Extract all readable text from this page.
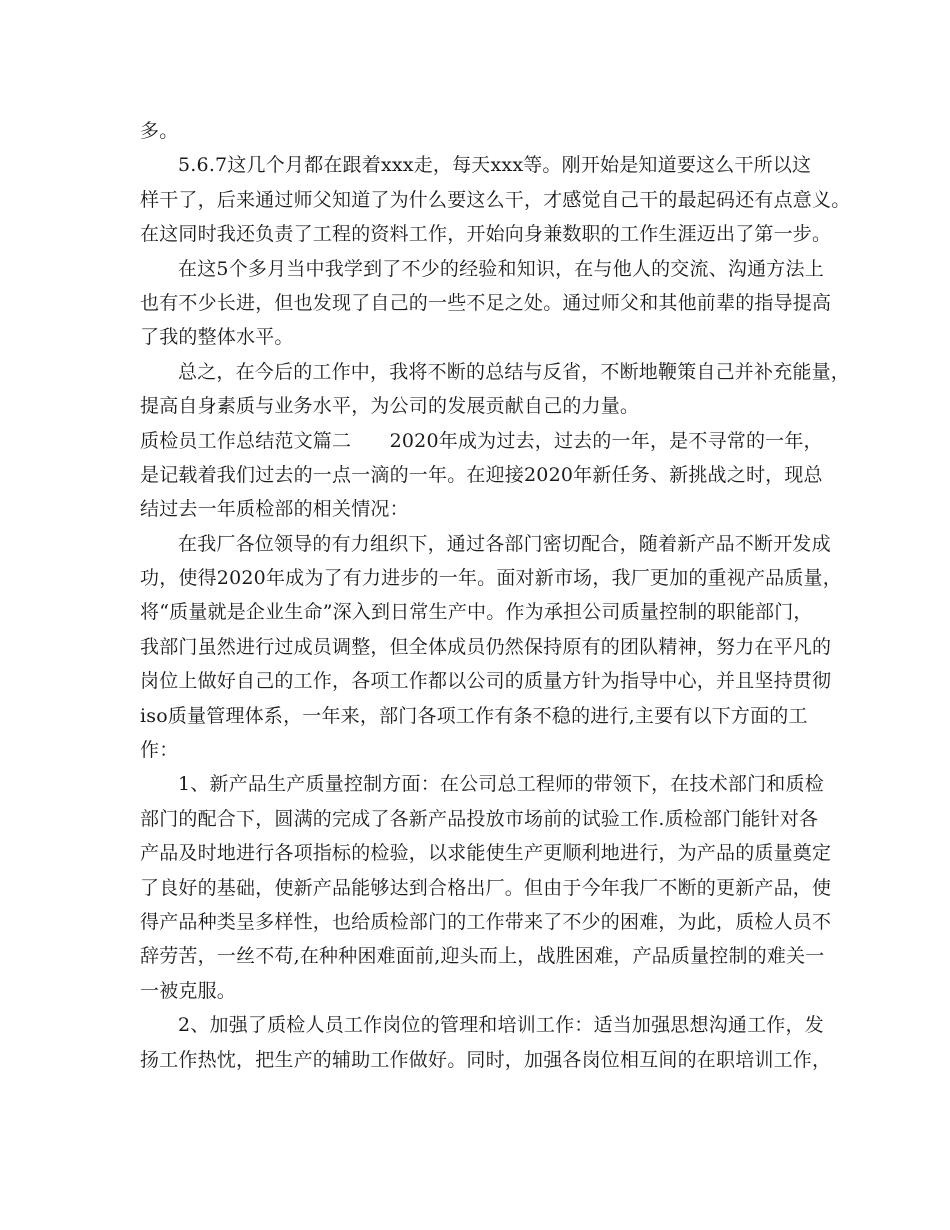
多。
5.6.7这几个月都在跟着xxx走，每天xxx等。刚开始是知道要这么干所以这
样干了，后来通过师父知道了为什么要这么干，才感觉自己干的最起码还有点意义。
在这同时我还负责了工程的资料工作，开始向身兼数职的工作生涯迈出了第一步。
在这5个多月当中我学到了不少的经验和知识，在与他人的交流、沟通方法上
也有不少长进，但也发现了自己的一些不足之处。通过师父和其他前辈的指导提高
了我的整体水平。
总之，在今后的工作中，我将不断的总结与反省，不断地鞭策自己并补充能量，
提高自身素质与业务水平，为公司的发展贡献自己的力量。
质检员工作总结范文篇二　　2020年成为过去，过去的一年，是不寻常的一年，
是记载着我们过去的一点一滴的一年。在迎接2020年新任务、新挑战之时，现总
结过去一年质检部的相关情况：
在我厂各位领导的有力组织下，通过各部门密切配合，随着新产品不断开发成
功，使得2020年成为了有力进步的一年。面对新市场，我厂更加的重视产品质量，
将“质量就是企业生命”深入到日常生产中。作为承担公司质量控制的职能部门，
我部门虽然进行过成员调整，但全体成员仍然保持原有的团队精神，努力在平凡的
岗位上做好自己的工作，各项工作都以公司的质量方针为指导中心，并且坚持贯彻
iso质量管理体系，一年来，部门各项工作有条不稳的进行,主要有以下方面的工
作：
1、新产品生产质量控制方面：在公司总工程师的带领下，在技术部门和质检
部门的配合下，圆满的完成了各新产品投放市场前的试验工作.质检部门能针对各
产品及时地进行各项指标的检验，以求能使生产更顺利地进行，为产品的质量奠定
了良好的基础，使新产品能够达到合格出厂。但由于今年我厂不断的更新产品，使
得产品种类呈多样性，也给质检部门的工作带来了不少的困难，为此，质检人员不
辞劳苦，一丝不苟,在种种困难面前,迎头而上，战胜困难，产品质量控制的难关一
一被克服。
2、加强了质检人员工作岗位的管理和培训工作：适当加强思想沟通工作，发
扬工作热忱，把生产的辅助工作做好。同时，加强各岗位相互间的在职培训工作，
